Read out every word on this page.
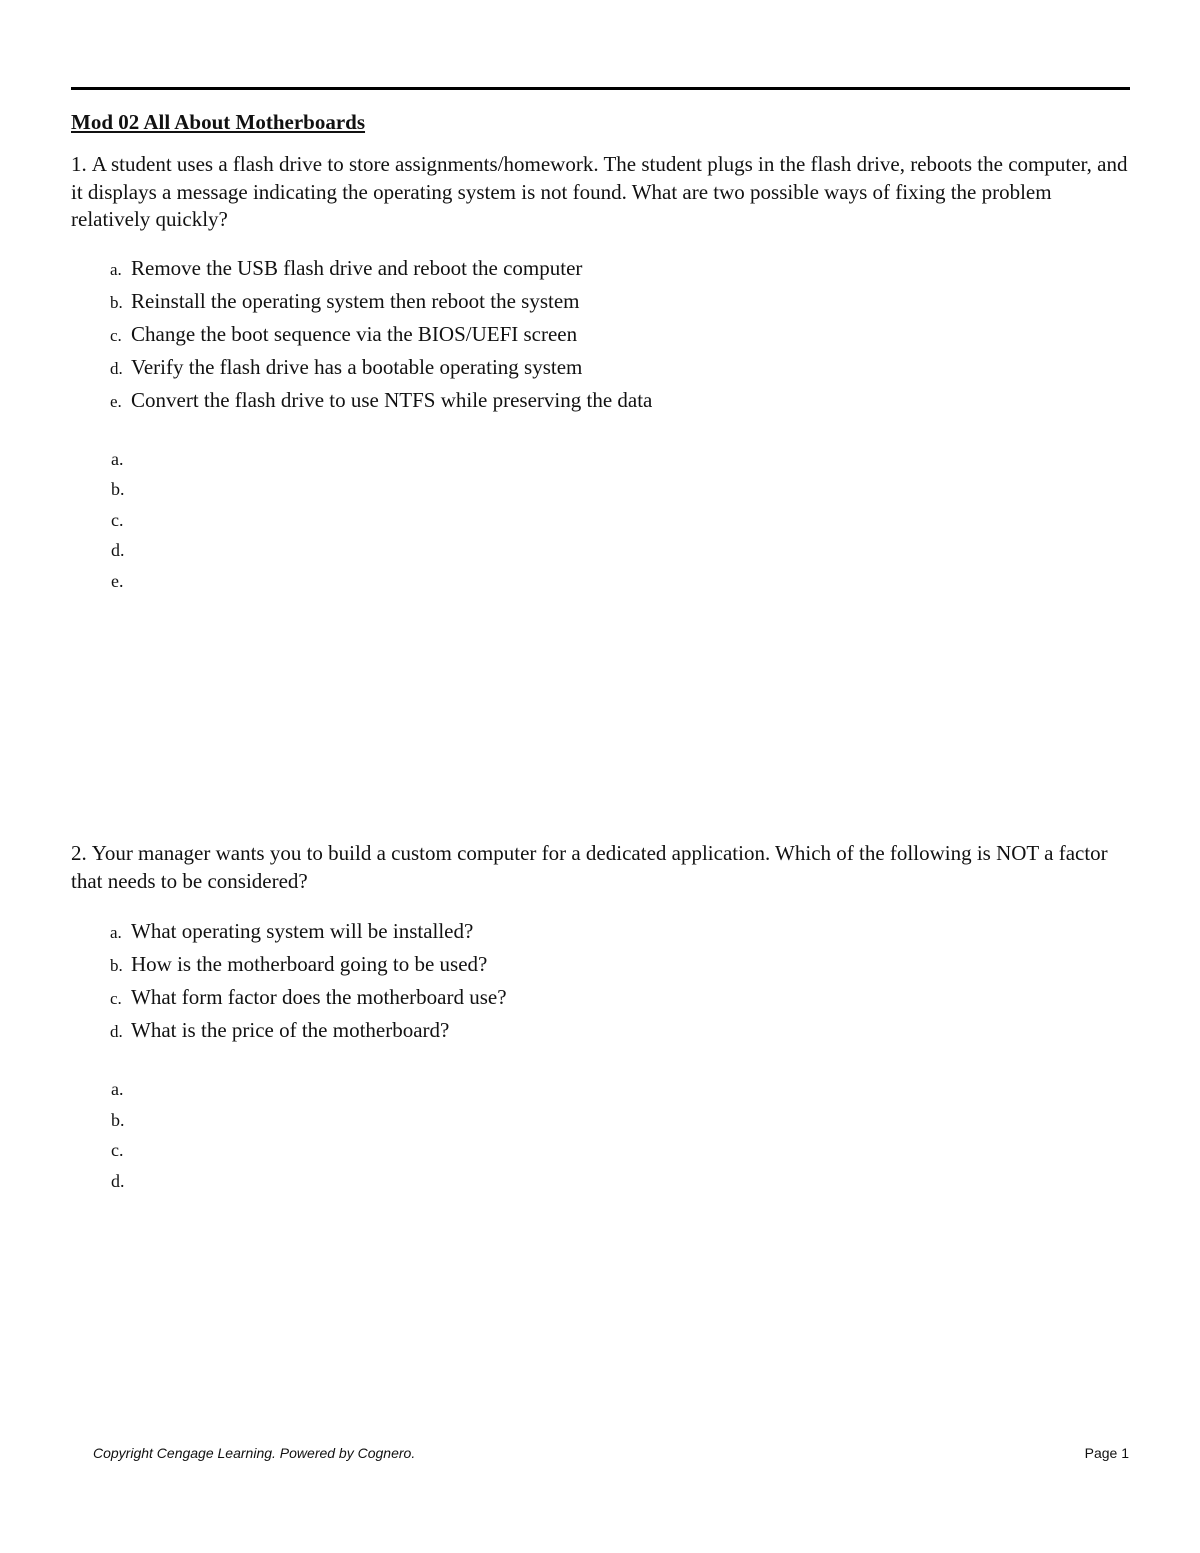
Mod 02 All About Motherboards

1. A student uses a flash drive to store assignments/homework. The student plugs in the flash drive, reboots the computer, and it displays a message indicating the operating system is not found. What are two possible ways of fixing the problem relatively quickly?

a. Remove the USB flash drive and reboot the computer
b. Reinstall the operating system then reboot the system
c. Change the boot sequence via the BIOS/UEFI screen
d. Verify the flash drive has a bootable operating system
e. Convert the flash drive to use NTFS while preserving the data
a.
b.
c.
d.
e.

2. Your manager wants you to build a custom computer for a dedicated application. Which of the following is NOT a factor that needs to be considered?

a. What operating system will be installed?
b. How is the motherboard going to be used?
c. What form factor does the motherboard use?
d. What is the price of the motherboard?
a.
b.
c.
d.
Copyright Cengage Learning. Powered by Cognero.	Page 1
